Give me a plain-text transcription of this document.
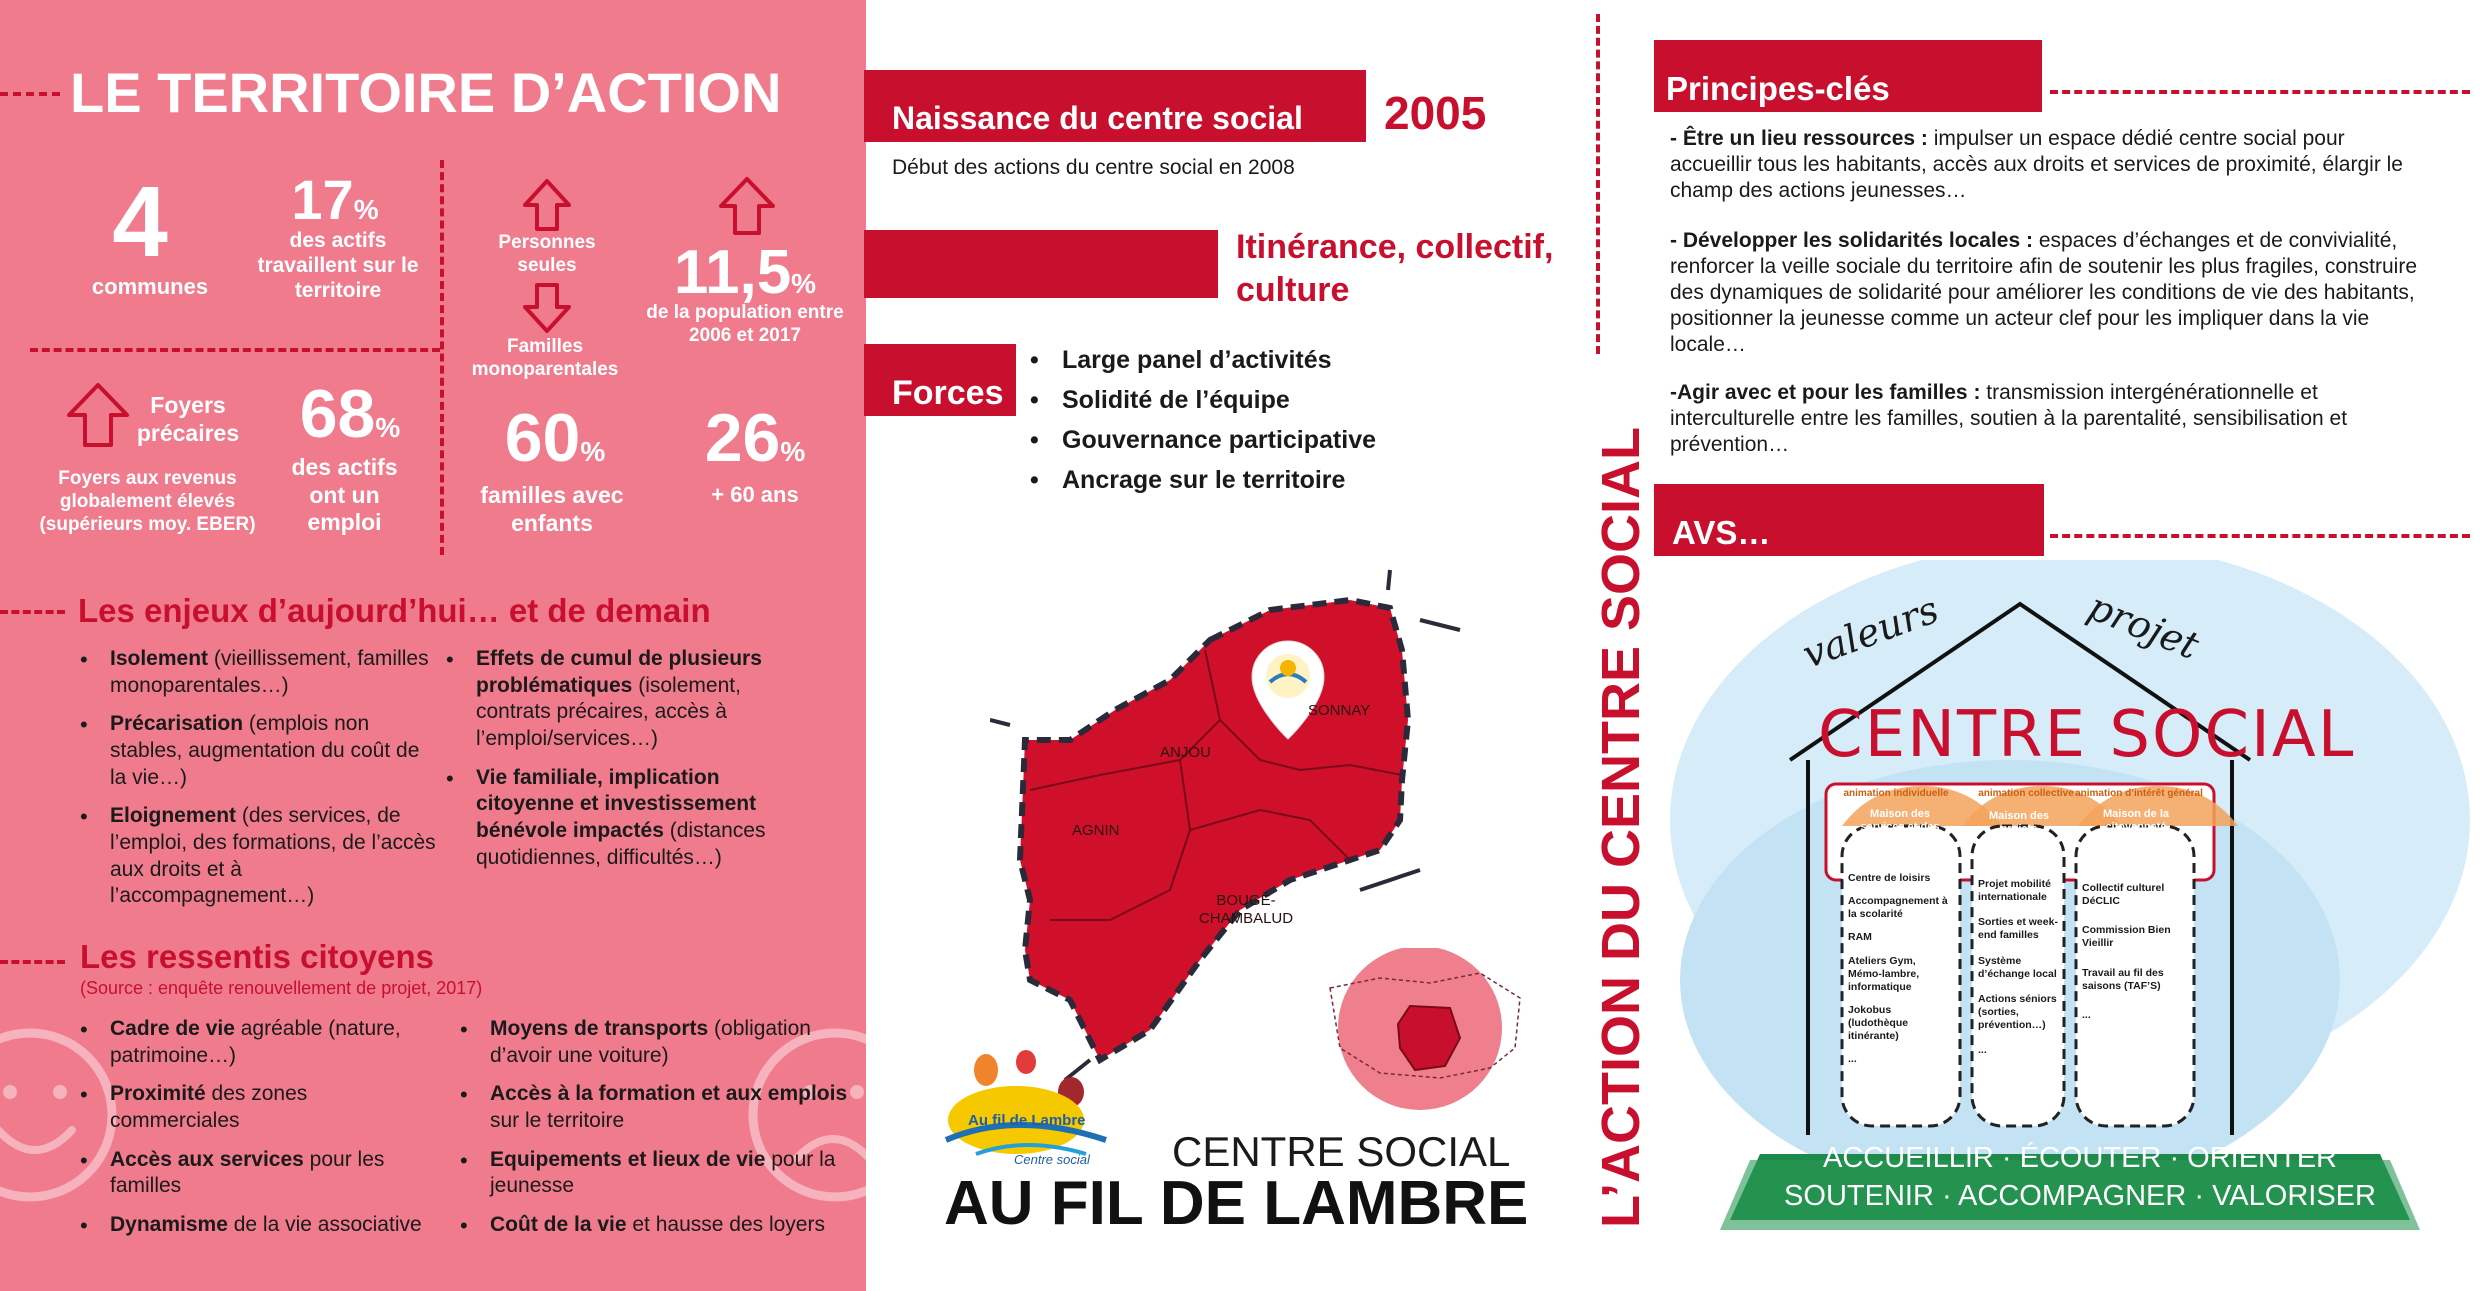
LE TERRITOIRE D’ACTION
4
communes
17%
des actifs travaillent sur le territoire
Personnes seules
Familles monoparentales
11,5%
de la population entre 2006 et 2017
Foyers précaires
Foyers aux revenus globalement élevés (supérieurs moy. EBER)
68%
des actifs ont un emploi
60%
familles avec enfants
26%
+ 60 ans
Les enjeux d’aujourd’hui… et de demain
• Isolement (vieillissement, familles monoparentales…)
• Précarisation (emplois non stables, augmentation du coût de la vie…)
• Eloignement (des services, de l’emploi, des formations, de l’accès aux droits et à l’accompagnement…)
• Effets de cumul de plusieurs problématiques (isolement, contrats précaires, accès à l’emploi/services…)
• Vie familiale, implication citoyenne et investissement bénévole impactés (distances quotidiennes, difficultés…)
Les ressentis citoyens
(Source : enquête renouvellement de projet, 2017)
• Cadre de vie agréable (nature, patrimoine…)
• Proximité des zones commerciales
• Accès aux services pour les familles
• Dynamisme de la vie associative
• Moyens de transports (obligation d’avoir une voiture)
• Accès à la formation et aux emplois sur le territoire
• Equipements et lieux de vie pour la jeunesse
• Coût de la vie et hausse des loyers
Naissance du centre social 2005
Début des actions du centre social en 2008
Itinérance, collectif, culture
Forces
• Large panel d’activités
• Solidité de l’équipe
• Gouvernance participative
• Ancrage sur le territoire
SONNAY
ANJOU
AGNIN
BOUGÉ-
CHAMBALUD
Au fil de Lambre
Centre social CENTRE SOCIAL
AU FIL DE LAMBRE L’ACTION DU CENTRE SOCIAL
Principes-clés
- Être un lieu ressources : impulser un espace dédié centre social pour accueillir tous les habitants, accès aux droits et services de proximité, élargir le champ des actions jeunesses…
- Développer les solidarités locales : espaces d’échanges et de convivialité, renforcer la veille sociale du territoire afin de soutenir les plus fragiles, construire des dynamiques de solidarité pour améliorer les conditions de vie des habitants, positionner la jeunesse comme un acteur clef pour les impliquer dans la vie locale…
-Agir avec et pour les familles : transmission intergénérationnelle et interculturelle entre les familles, soutien à la parentalité, sensibilisation et prévention…
AVS…
valeurs	projet
CENTRE SOCIAL
animation individuelle	animation collective animation d’intérêt général
Maison des services et des activités
Maison des projets
Maison de la citoyenneté
Centre de loisirs
Accompagnement à la scolarité
RAM
Ateliers Gym, Mémo-lambre, informatique
Jokobus (ludothèque itinérante)
...
Projet mobilité internationale
Sorties et week-end familles
Système d’échange local
Actions séniors (sorties, prévention…)
...
Collectif culturel DéCLIC
Commission Bien Vieillir
Travail au fil des saisons (TAF’S)
...
ACCUEILLIR · ÉCOUTER · ORIENTER
SOUTENIR · ACCOMPAGNER · VALORISER
